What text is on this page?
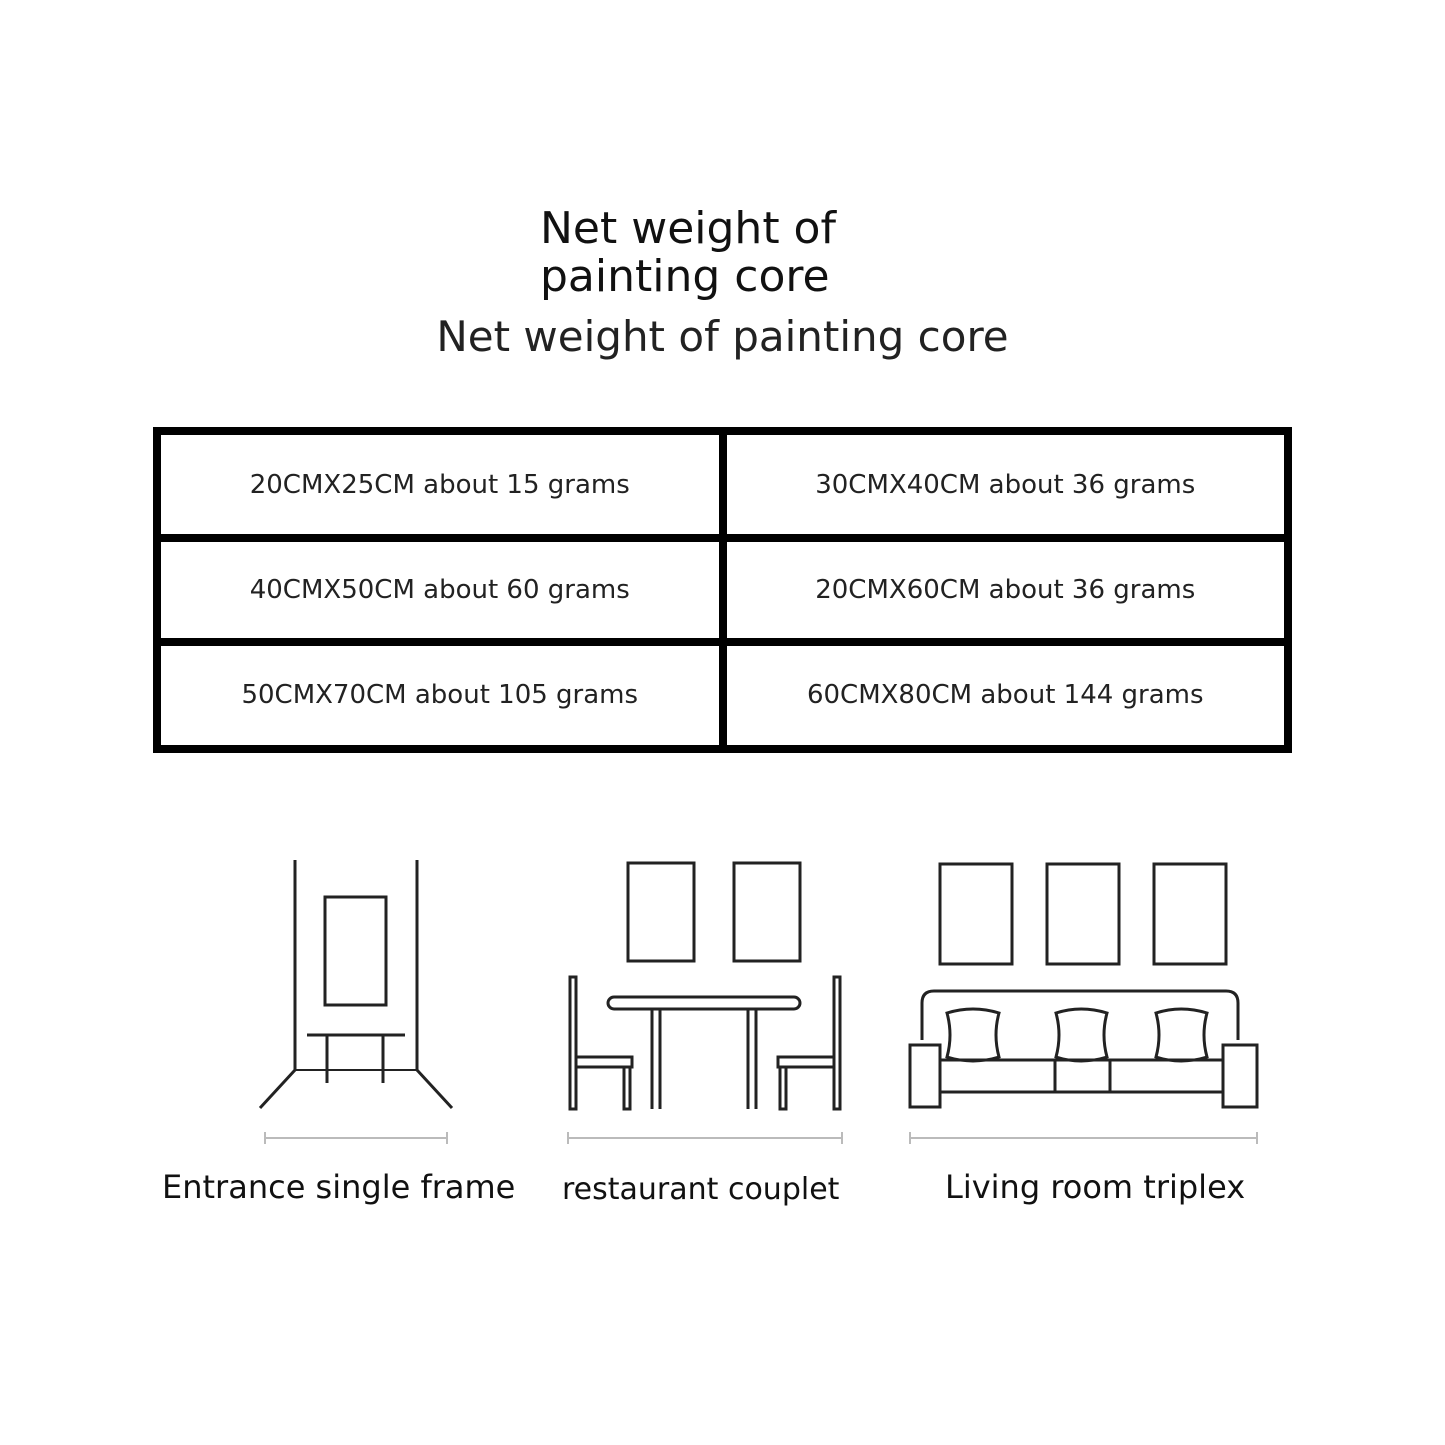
Net weight of
painting core
Net weight of painting core
20CMX25CM about 15 grams	30CMX40CM about 36 grams
40CMX50CM about 60 grams	20CMX60CM about 36 grams
50CMX70CM about 105 grams	60CMX80CM about 144 grams
Entrance single frame restaurant couplet	Living room triplex
